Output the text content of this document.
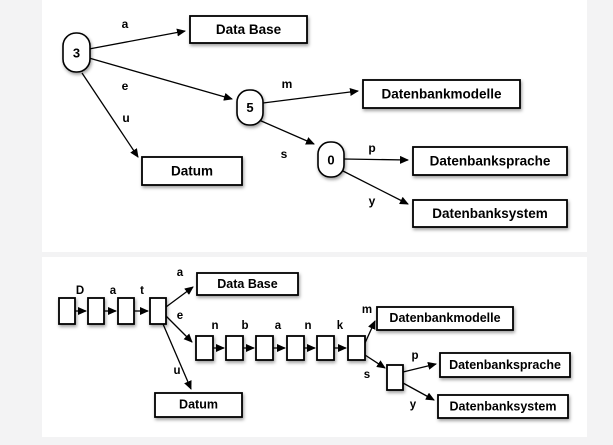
a
e
u
m
s	p
y
3
5
0
Data Base
Datenbankmodelle
Datum
Datenbanksprache
Datenbanksystem
D a t
a
e
u
Data Base
Datum
n b a n k
m
s
Datenbankmodelle
p
y
Datenbanksprache
Datenbanksystem
